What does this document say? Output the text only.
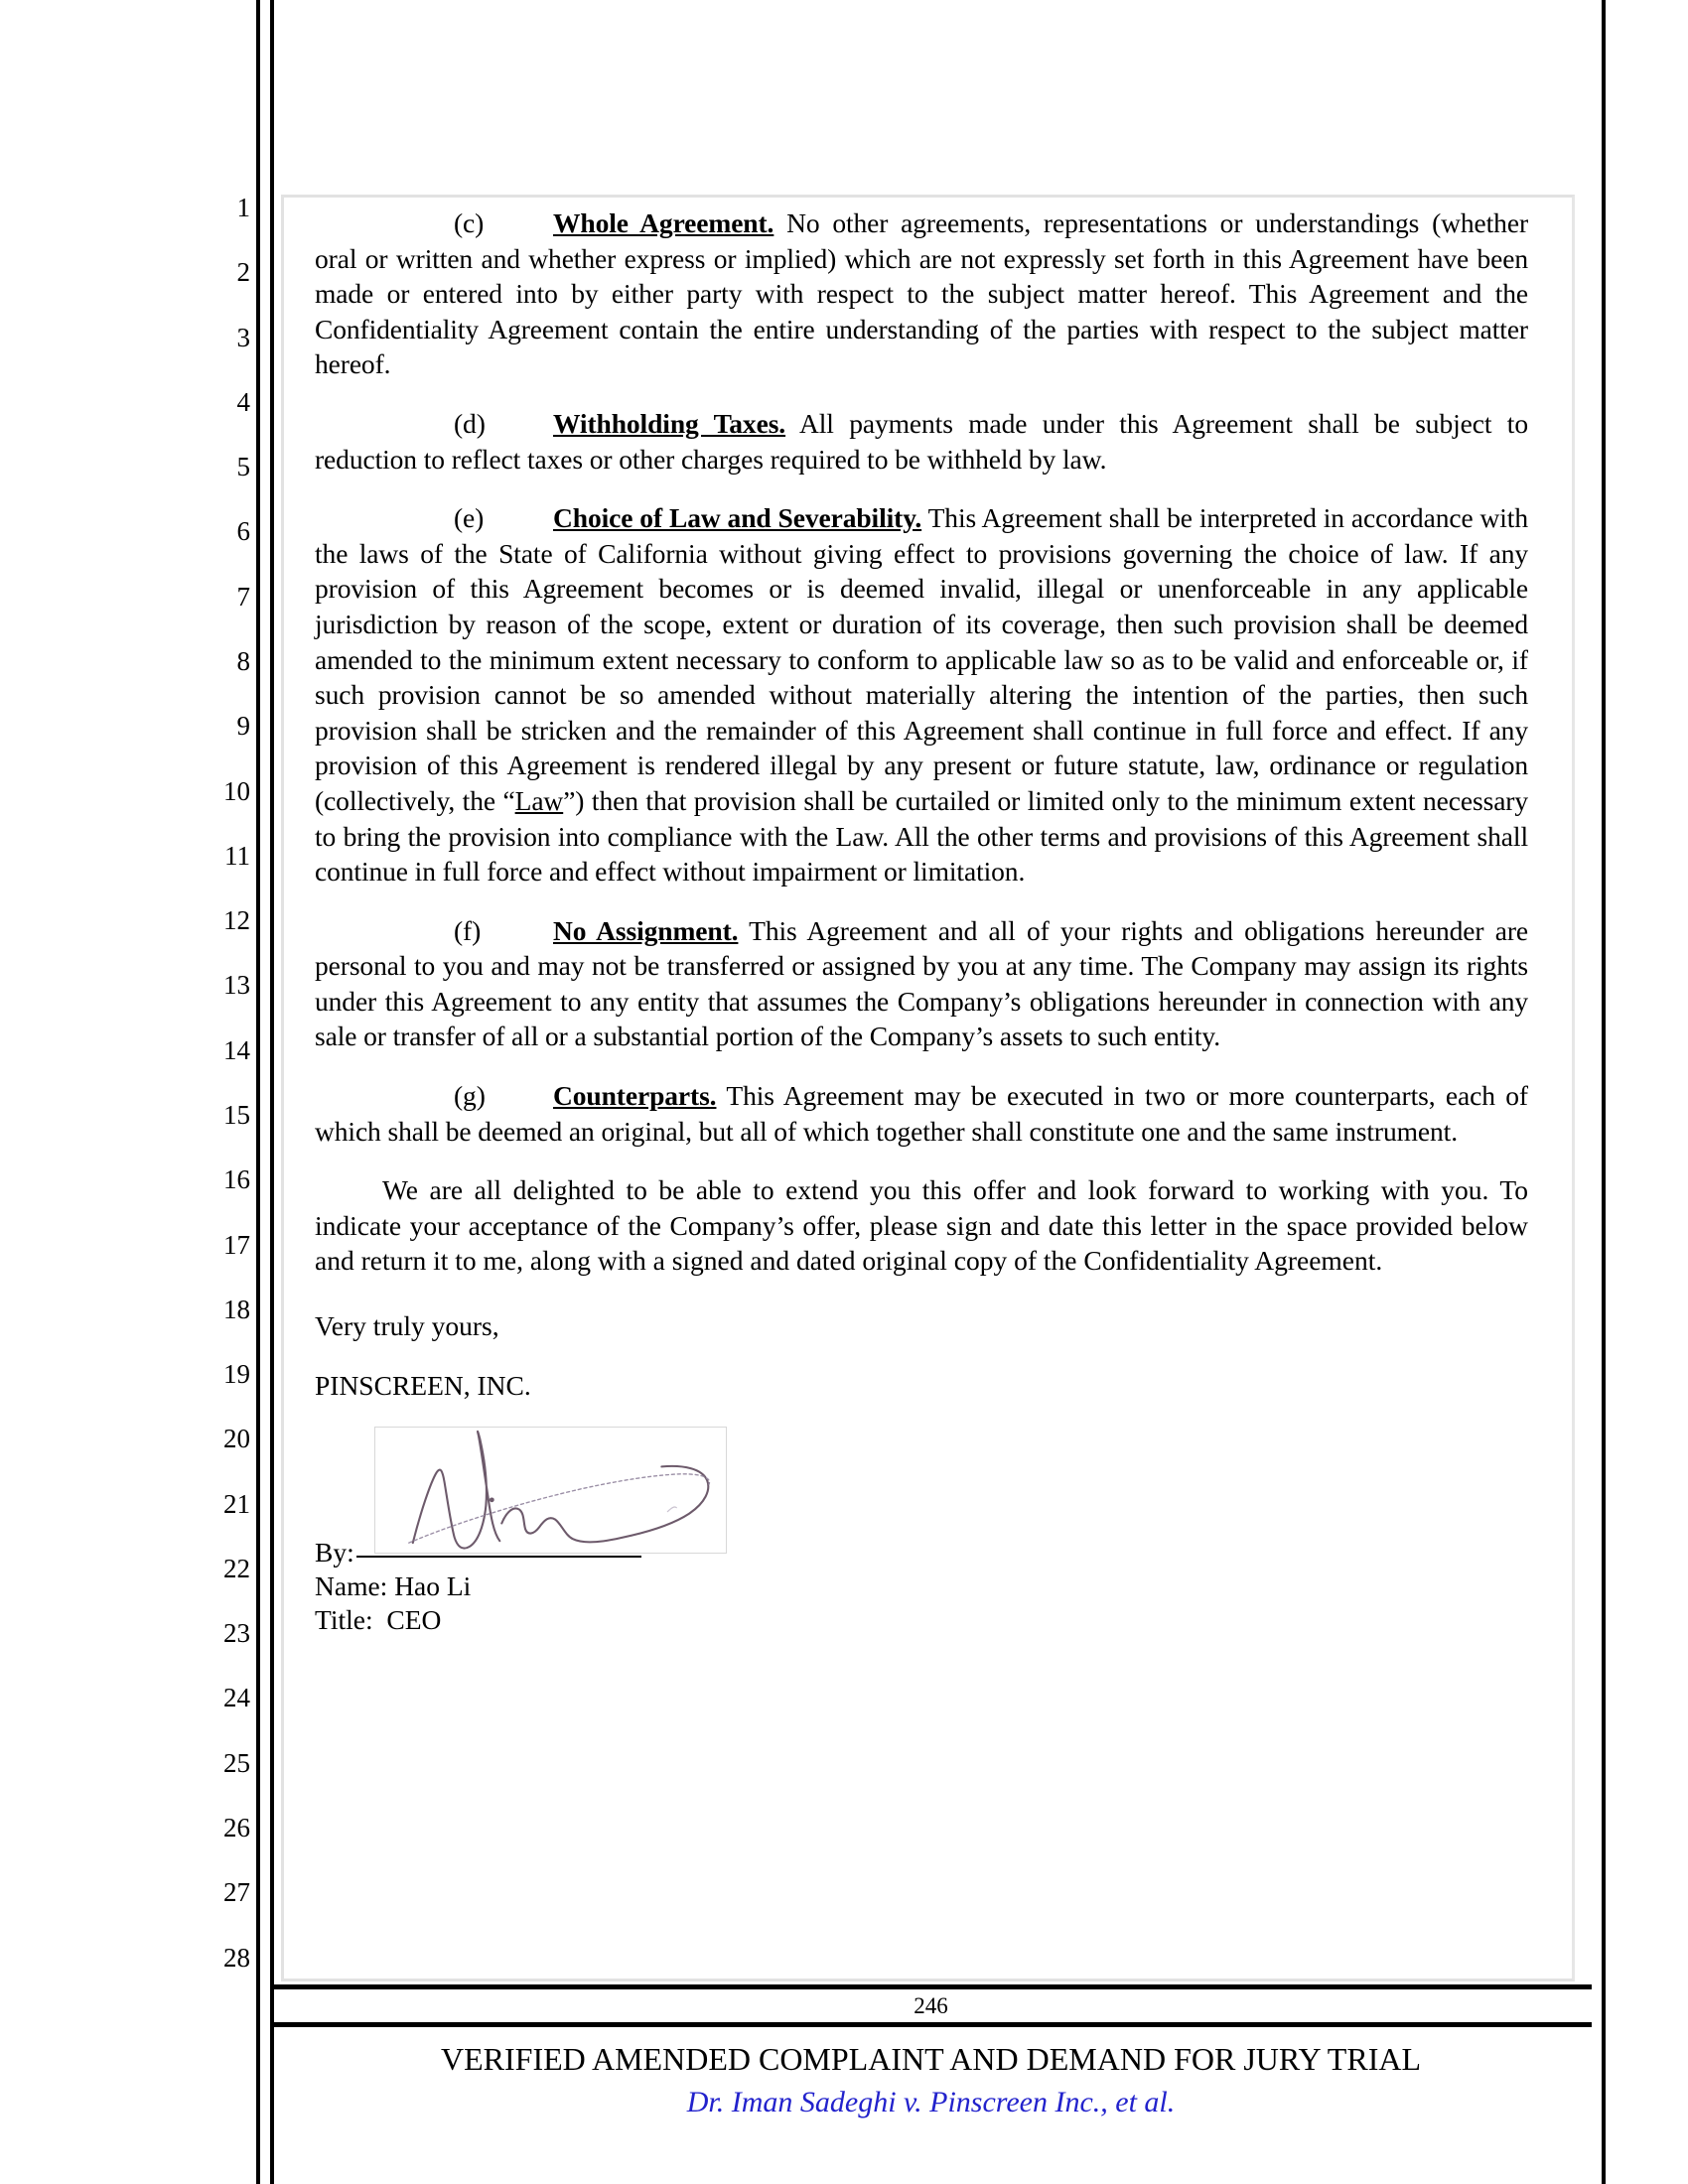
1
2
3
4
5
6
7
8
9
10
11
12
13
14
15
16
17
18
19
20
21
22
23
24
25
26
27
28

(c)	Whole Agreement. No other agreements, representations or understandings (whether oral or written and whether express or implied) which are not expressly set forth in this Agreement have been made or entered into by either party with respect to the subject matter hereof. This Agreement and the Confidentiality Agreement contain the entire understanding of the parties with respect to the subject matter hereof.

(d) Withholding Taxes. All payments made under this Agreement shall be subject to reduction to reflect taxes or other charges required to be withheld by law.

(e)	Choice of Law and Severability. This Agreement shall be interpreted in accordance with the laws of the State of California without giving effect to provisions governing the choice of law. If any provision of this Agreement becomes or is deemed invalid, illegal or unenforceable in any applicable jurisdiction by reason of the scope, extent or duration of its coverage, then such provision shall be deemed amended to the minimum extent necessary to conform to applicable law so as to be valid and enforceable or, if such provision cannot be so amended without materially altering the intention of the parties, then such provision shall be stricken and the remainder of this Agreement shall continue in full force and effect. If any provision of this Agreement is rendered illegal by any present or future statute, law, ordinance or regulation (collectively, the “Law”) then that provision shall be curtailed or limited only to the minimum extent necessary to bring the provision into compliance with the Law. All the other terms and provisions of this Agreement shall continue in full force and effect without impairment or limitation.

(f)	No Assignment. This Agreement and all of your rights and obligations hereunder are personal to you and may not be transferred or assigned by you at any time. The Company may assign its rights under this Agreement to any entity that assumes the Company’s obligations hereunder in connection with any sale or transfer of all or a substantial portion of the Company’s assets to such entity.

(g) Counterparts. This Agreement may be executed in two or more counterparts, each of which shall be deemed an original, but all of which together shall constitute one and the same instrument.

We are all delighted to be able to extend you this offer and look forward to working with you. To indicate your acceptance of the Company’s offer, please sign and date this letter in the space provided below and return it to me, along with a signed and dated original copy of the Confidentiality Agreement.

Very truly yours,

PINSCREEN, INC.

By:
Name: Hao Li
Title: CEO
246
VERIFIED AMENDED COMPLAINT AND DEMAND FOR JURY TRIAL
Dr. Iman Sadeghi v. Pinscreen Inc., et al.
